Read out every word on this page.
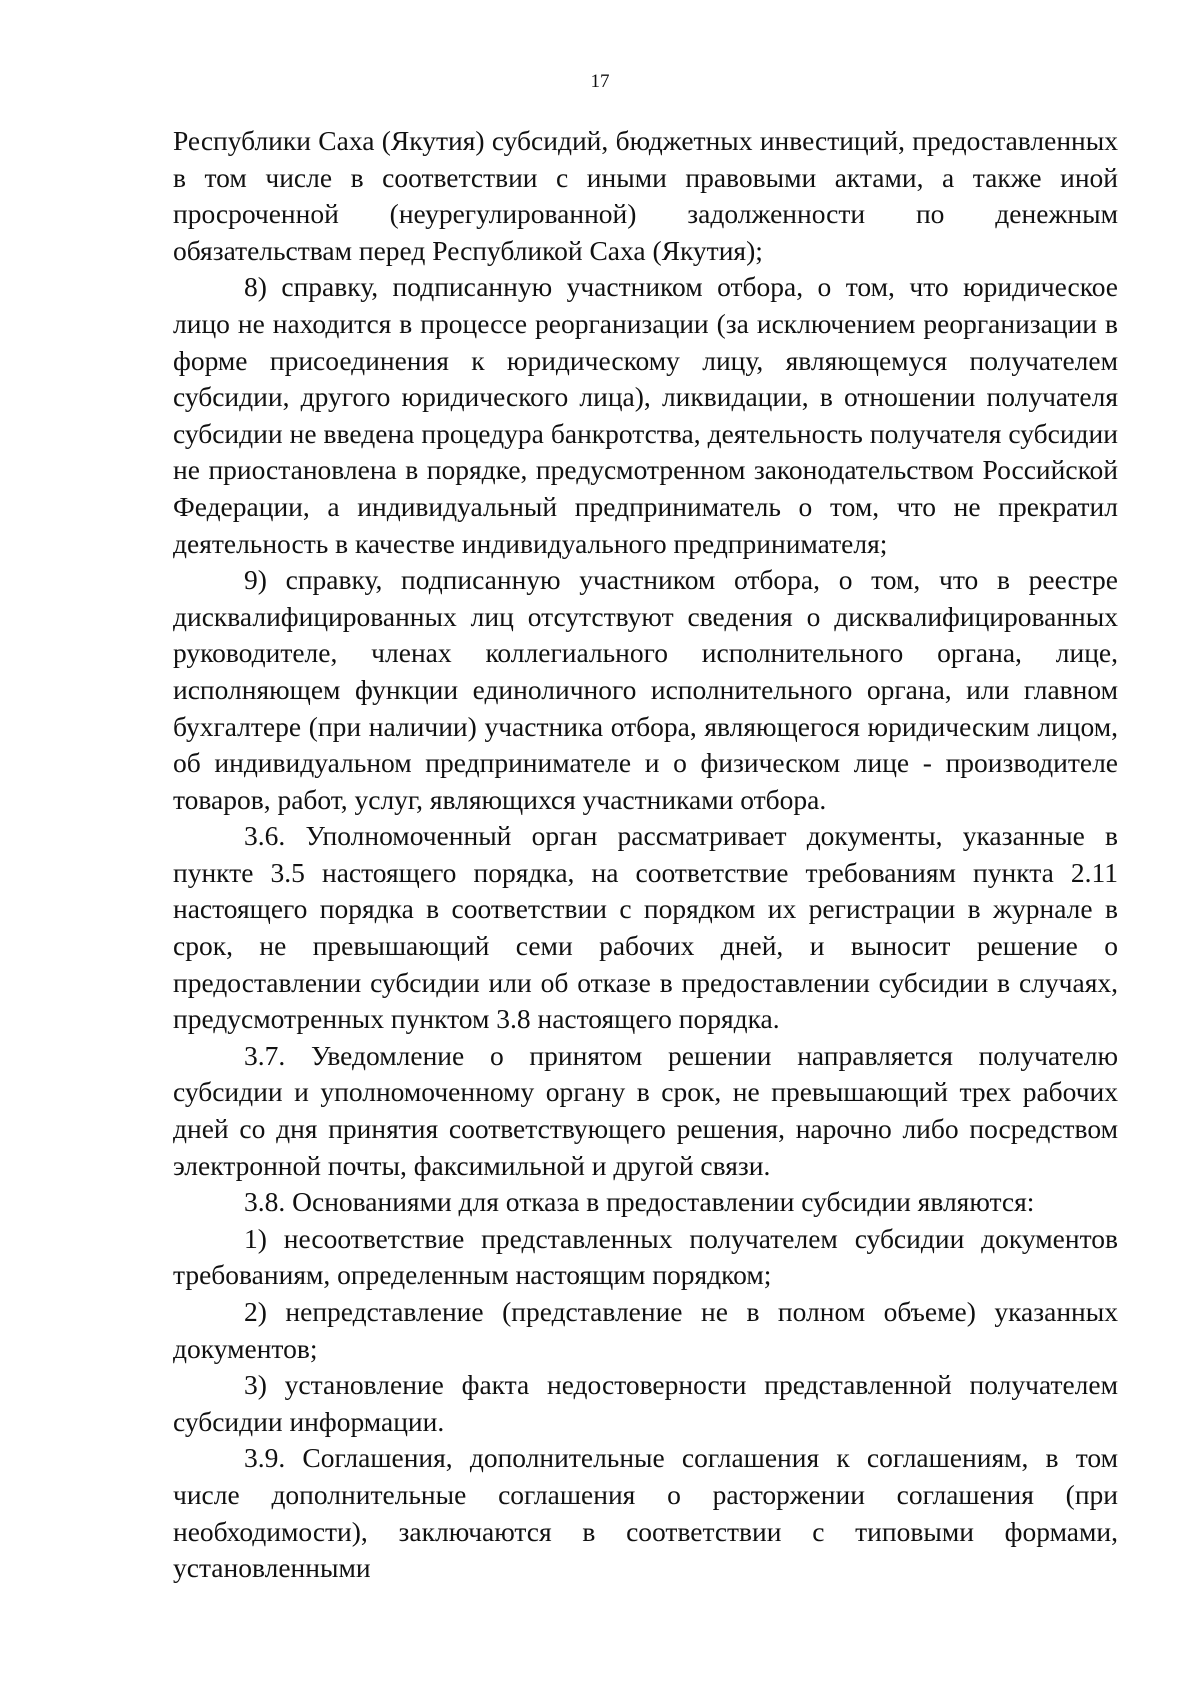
17

Республики Саха (Якутия) субсидий, бюджетных инвестиций, предоставленных в том числе в соответствии с иными правовыми актами, а также иной просроченной (неурегулированной) задолженности по денежным обязательствам перед Республикой Саха (Якутия);

8) справку, подписанную участником отбора, о том, что юридическое лицо не находится в процессе реорганизации (за исключением реорганизации в форме присоединения к юридическому лицу, являющемуся получателем субсидии, другого юридического лица), ликвидации, в отношении получателя субсидии не введена процедура банкротства, деятельность получателя субсидии не приостановлена в порядке, предусмотренном законодательством Российской Федерации, а индивидуальный предприниматель о том, что не прекратил деятельность в качестве индивидуального предпринимателя;

9) справку, подписанную участником отбора, о том, что в реестре дисквалифицированных лиц отсутствуют сведения о дисквалифицированных руководителе, членах коллегиального исполнительного органа, лице, исполняющем функции единоличного исполнительного органа, или главном бухгалтере (при наличии) участника отбора, являющегося юридическим лицом, об индивидуальном предпринимателе и о физическом лице - производителе товаров, работ, услуг, являющихся участниками отбора.

3.6. Уполномоченный орган рассматривает документы, указанные в пункте 3.5 настоящего порядка, на соответствие требованиям пункта 2.11 настоящего порядка в соответствии с порядком их регистрации в журнале в срок, не превышающий семи рабочих дней, и выносит решение о предоставлении субсидии или об отказе в предоставлении субсидии в случаях, предусмотренных пунктом 3.8 настоящего порядка.

3.7. Уведомление о принятом решении направляется получателю субсидии и уполномоченному органу в срок, не превышающий трех рабочих дней со дня принятия соответствующего решения, нарочно либо посредством электронной почты, факсимильной и другой связи.

3.8. Основаниями для отказа в предоставлении субсидии являются:

1) несоответствие представленных получателем субсидии документов требованиям, определенным настоящим порядком;

2) непредставление (представление не в полном объеме) указанных документов;

3) установление факта недостоверности представленной получателем субсидии информации.

3.9. Соглашения, дополнительные соглашения к соглашениям, в том числе дополнительные соглашения о расторжении соглашения (при необходимости), заключаются в соответствии с типовыми формами, установленными
